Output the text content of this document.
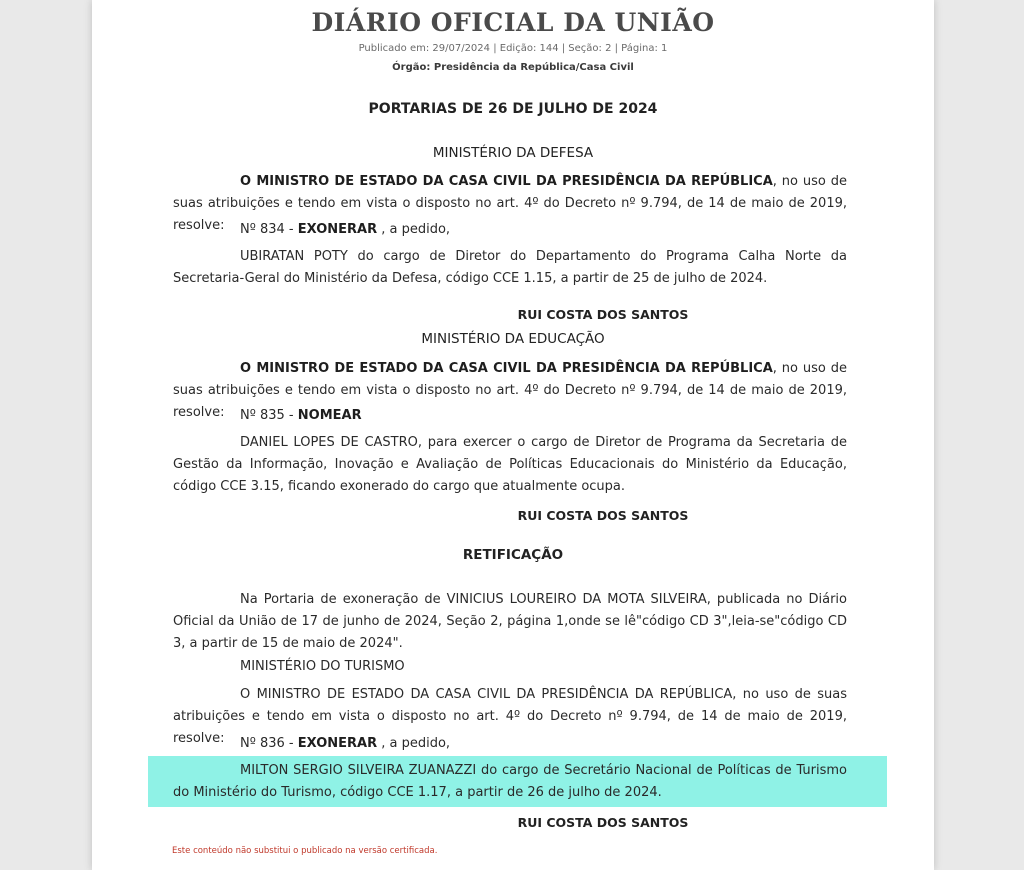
DIÁRIO OFICIAL DA UNIÃO
Publicado em: 29/07/2024 | Edição: 144 | Seção: 2 | Página: 1
Órgão: Presidência da República/Casa Civil
PORTARIAS DE 26 DE JULHO DE 2024
MINISTÉRIO DA DEFESA
O MINISTRO DE ESTADO DA CASA CIVIL DA PRESIDÊNCIA DA REPÚBLICA, no uso de suas atribuições e tendo em vista o disposto no art. 4º do Decreto nº 9.794, de 14 de maio de 2019, resolve:	Nº 834 - EXONERAR , a pedido,
UBIRATAN POTY do cargo de Diretor do Departamento do Programa Calha Norte da Secretaria-Geral do Ministério da Defesa, código CCE 1.15, a partir de 25 de julho de 2024.
RUI COSTA DOS SANTOS
MINISTÉRIO DA EDUCAÇÃO
O MINISTRO DE ESTADO DA CASA CIVIL DA PRESIDÊNCIA DA REPÚBLICA, no uso de suas atribuições e tendo em vista o disposto no art. 4º do Decreto nº 9.794, de 14 de maio de 2019, resolve:	Nº 835 - NOMEAR
DANIEL LOPES DE CASTRO, para exercer o cargo de Diretor de Programa da Secretaria de Gestão da Informação, Inovação e Avaliação de Políticas Educacionais do Ministério da Educação, código CCE 3.15, ficando exonerado do cargo que atualmente ocupa.
RUI COSTA DOS SANTOS
RETIFICAÇÃO
Na Portaria de exoneração de VINICIUS LOUREIRO DA MOTA SILVEIRA, publicada no Diário Oficial da União de 17 de junho de 2024, Seção 2, página 1,onde se lê"código CD 3",leia-se"código CD 3, a partir de 15 de maio de 2024".
MINISTÉRIO DO TURISMO
O MINISTRO DE ESTADO DA CASA CIVIL DA PRESIDÊNCIA DA REPÚBLICA, no uso de suas atribuições e tendo em vista o disposto no art. 4º do Decreto nº 9.794, de 14 de maio de 2019, resolve:	Nº 836 - EXONERAR , a pedido,
MILTON SERGIO SILVEIRA ZUANAZZI do cargo de Secretário Nacional de Políticas de Turismo do Ministério do Turismo, código CCE 1.17, a partir de 26 de julho de 2024.
RUI COSTA DOS SANTOS
Este conteúdo não substitui o publicado na versão certificada.
